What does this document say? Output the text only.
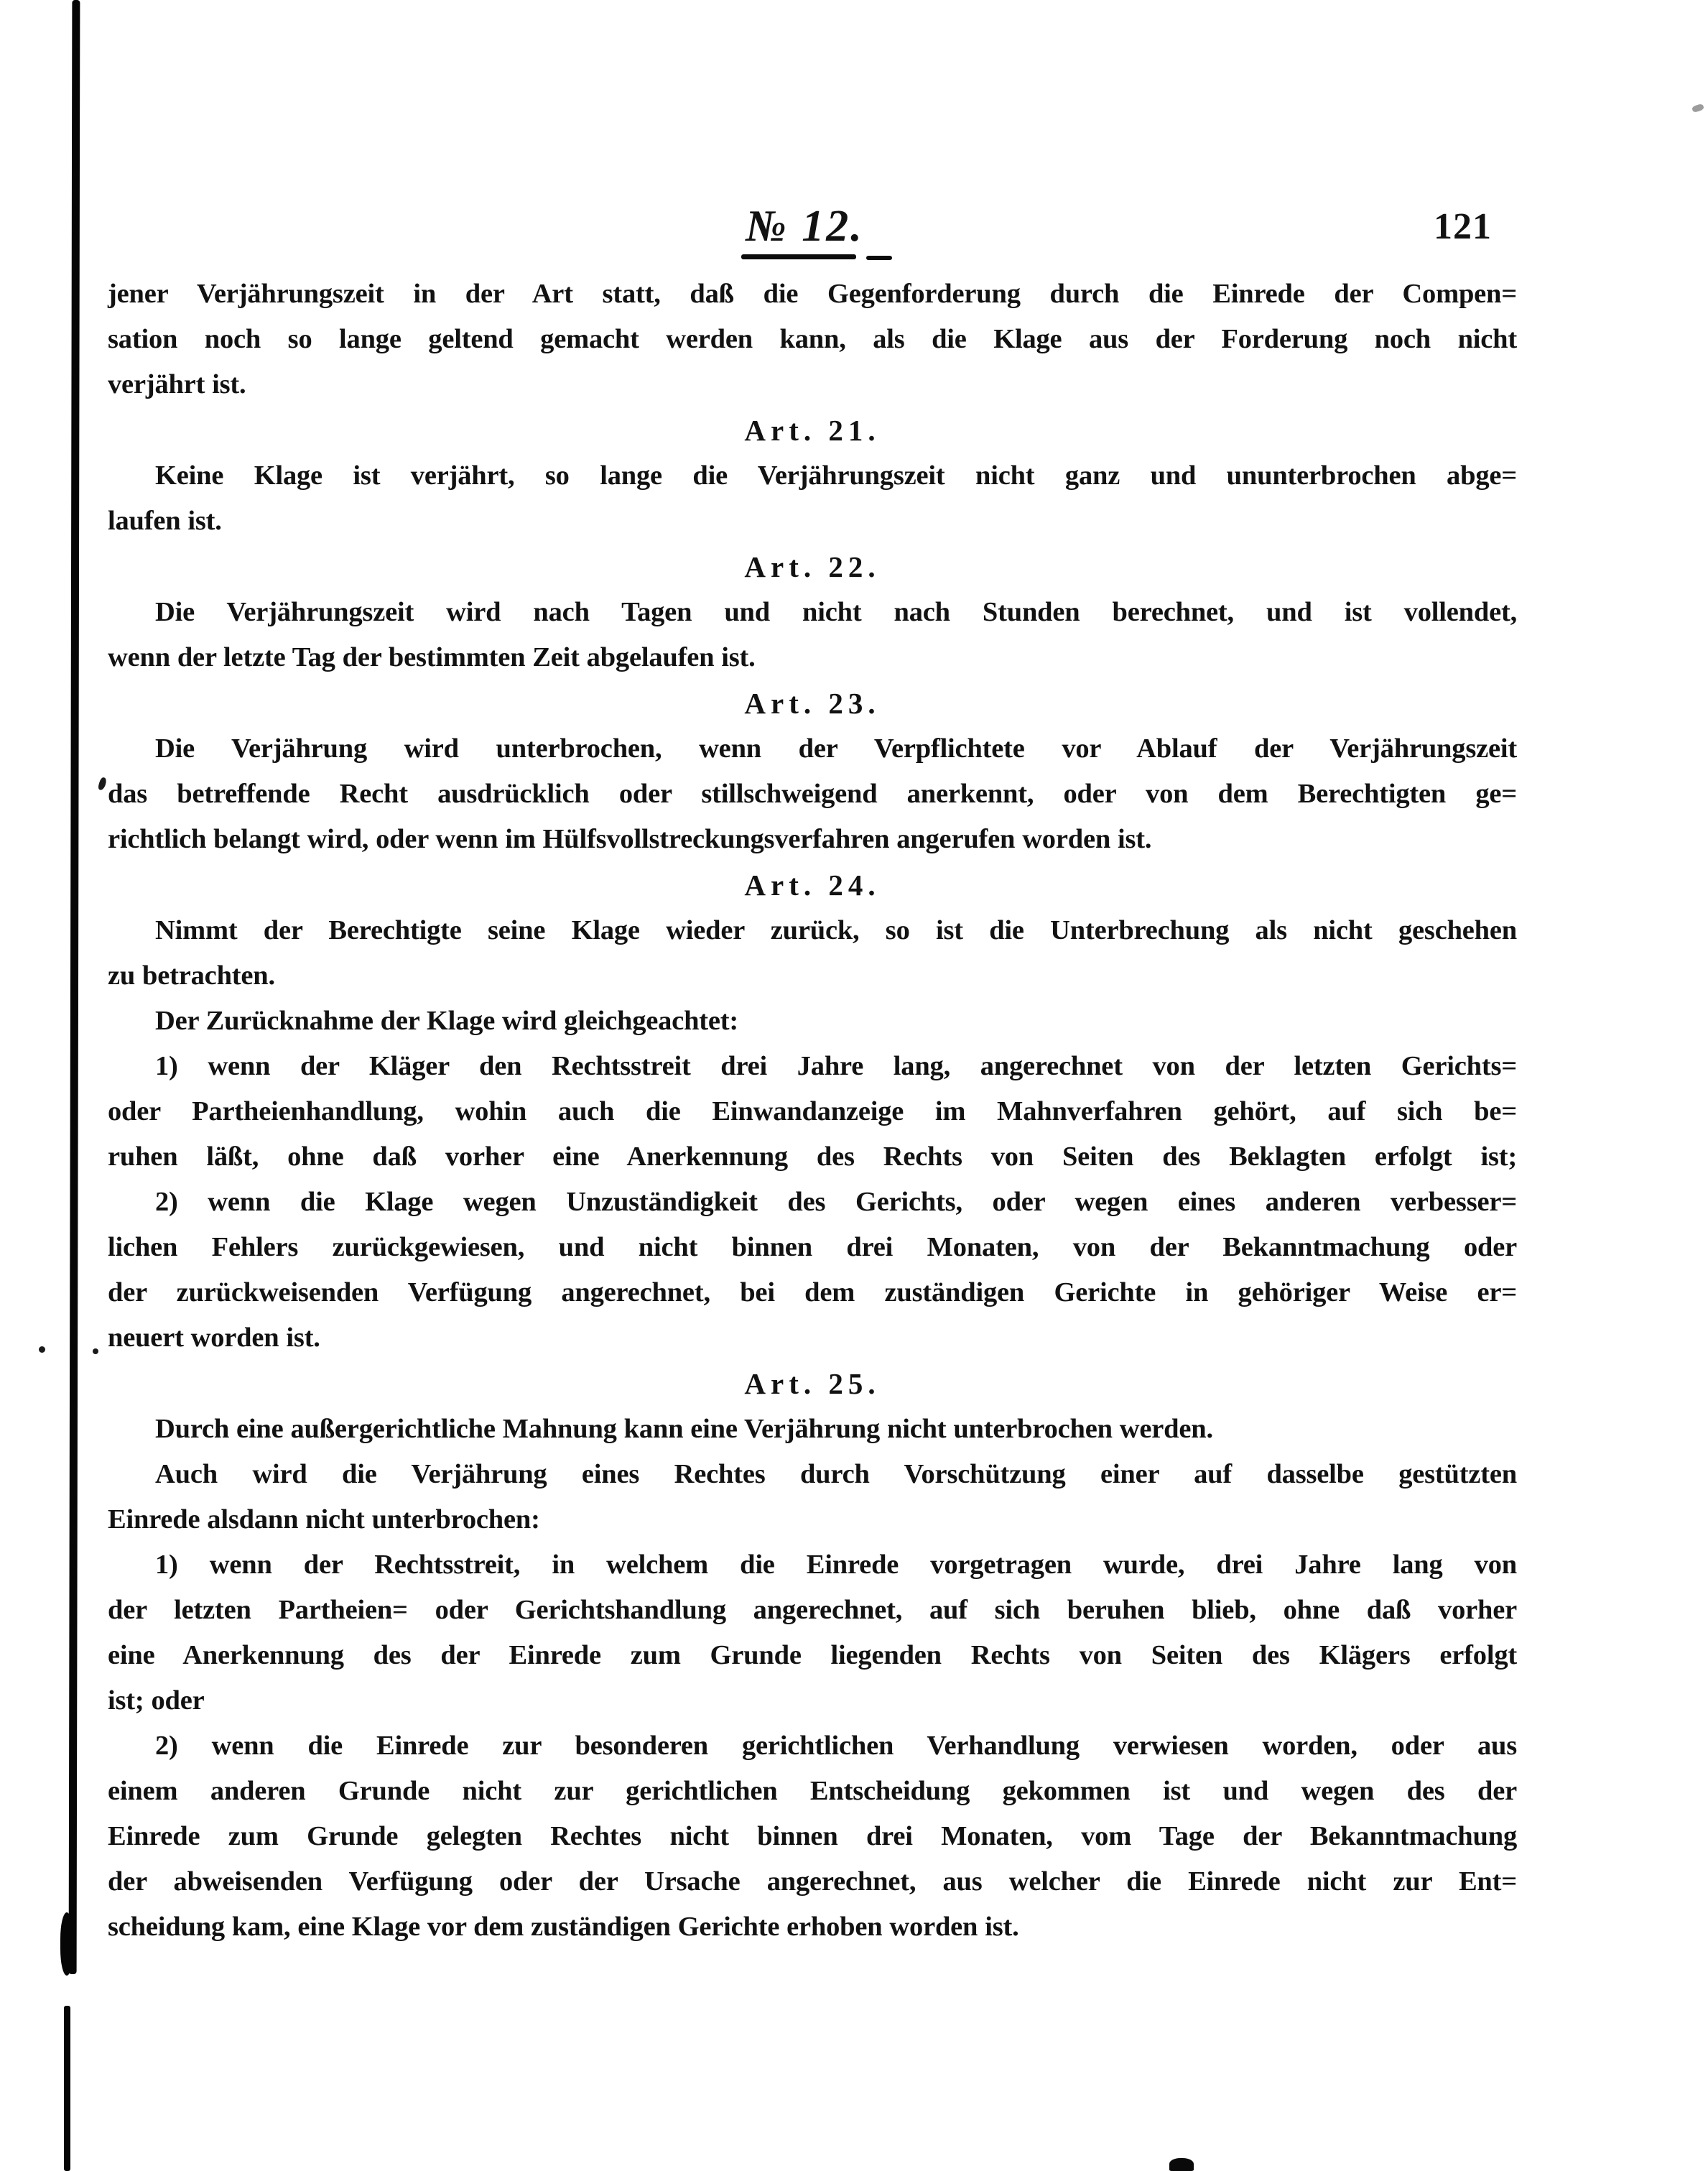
№ 12.	121
jener Verjährungszeit in der Art statt, daß die Gegenforderung durch die Einrede der Compen=
sation noch so lange geltend gemacht werden kann, als die Klage aus der Forderung noch nicht
verjährt ist.
Art. 21.
Keine Klage ist verjährt, so lange die Verjährungszeit nicht ganz und ununterbrochen abge=
laufen ist.
Art. 22.
Die Verjährungszeit wird nach Tagen und nicht nach Stunden berechnet, und ist vollendet,
wenn der letzte Tag der bestimmten Zeit abgelaufen ist.
Art. 23.
Die Verjährung wird unterbrochen, wenn der Verpflichtete vor Ablauf der Verjährungszeit
das betreffende Recht ausdrücklich oder stillschweigend anerkennt, oder von dem Berechtigten ge=
richtlich belangt wird, oder wenn im Hülfsvollstreckungsverfahren angerufen worden ist.
Art. 24.
Nimmt der Berechtigte seine Klage wieder zurück, so ist die Unterbrechung als nicht geschehen
zu betrachten.
Der Zurücknahme der Klage wird gleichgeachtet:
1) wenn der Kläger den Rechtsstreit drei Jahre lang, angerechnet von der letzten Gerichts=
oder Partheienhandlung, wohin auch die Einwandanzeige im Mahnverfahren gehört, auf sich be=
ruhen läßt, ohne daß vorher eine Anerkennung des Rechts von Seiten des Beklagten erfolgt ist;
2) wenn die Klage wegen Unzuständigkeit des Gerichts, oder wegen eines anderen verbesser=
lichen Fehlers zurückgewiesen, und nicht binnen drei Monaten, von der Bekanntmachung oder
der zurückweisenden Verfügung angerechnet, bei dem zuständigen Gerichte in gehöriger Weise er=
neuert worden ist.
Art. 25.
Durch eine außergerichtliche Mahnung kann eine Verjährung nicht unterbrochen werden.
Auch wird die Verjährung eines Rechtes durch Vorschützung einer auf dasselbe gestützten
Einrede alsdann nicht unterbrochen:
1) wenn der Rechtsstreit, in welchem die Einrede vorgetragen wurde, drei Jahre lang von
der letzten Partheien= oder Gerichtshandlung angerechnet, auf sich beruhen blieb, ohne daß vorher
eine Anerkennung des der Einrede zum Grunde liegenden Rechts von Seiten des Klägers erfolgt
ist; oder
2) wenn die Einrede zur besonderen gerichtlichen Verhandlung verwiesen worden, oder aus
einem anderen Grunde nicht zur gerichtlichen Entscheidung gekommen ist und wegen des der
Einrede zum Grunde gelegten Rechtes nicht binnen drei Monaten, vom Tage der Bekanntmachung
der abweisenden Verfügung oder der Ursache angerechnet, aus welcher die Einrede nicht zur Ent=
scheidung kam, eine Klage vor dem zuständigen Gerichte erhoben worden ist.
